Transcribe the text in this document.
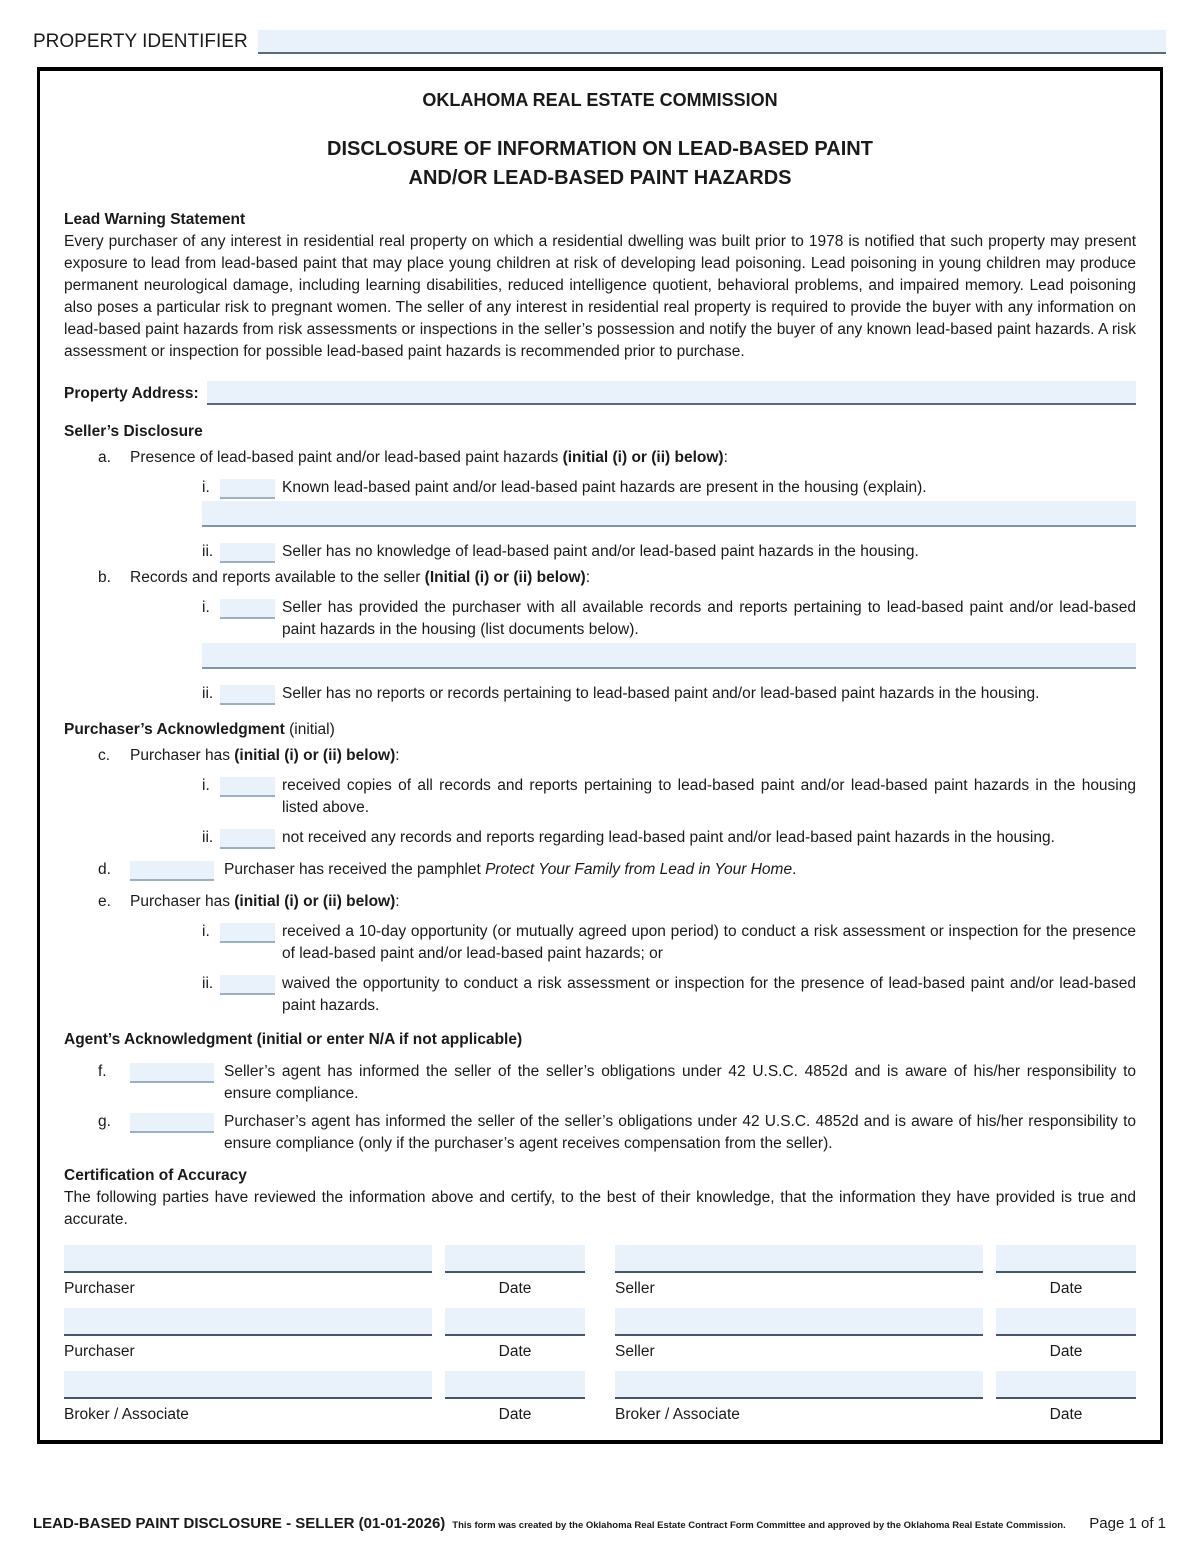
PROPERTY IDENTIFIER
OKLAHOMA REAL ESTATE COMMISSION
DISCLOSURE OF INFORMATION ON LEAD-BASED PAINT
AND/OR LEAD-BASED PAINT HAZARDS
Lead Warning Statement
Every purchaser of any interest in residential real property on which a residential dwelling was built prior to 1978 is notified that such property may present exposure to lead from lead-based paint that may place young children at risk of developing lead poisoning. Lead poisoning in young children may produce permanent neurological damage, including learning disabilities, reduced intelligence quotient, behavioral problems, and impaired memory. Lead poisoning also poses a particular risk to pregnant women. The seller of any interest in residential real property is required to provide the buyer with any information on lead-based paint hazards from risk assessments or inspections in the seller’s possession and notify the buyer of any known lead-based paint hazards. A risk assessment or inspection for possible lead-based paint hazards is recommended prior to purchase.
Property Address:
Seller’s Disclosure
a.	Presence of lead-based paint and/or lead-based paint hazards (initial (i) or (ii) below):
i.	Known lead-based paint and/or lead-based paint hazards are present in the housing (explain).
ii.	Seller has no knowledge of lead-based paint and/or lead-based paint hazards in the housing.
b.	Records and reports available to the seller (Initial (i) or (ii) below):
i.	Seller has provided the purchaser with all available records and reports pertaining to lead-based paint and/or lead-based paint hazards in the housing (list documents below).
ii.	Seller has no reports or records pertaining to lead-based paint and/or lead-based paint hazards in the housing.
Purchaser’s Acknowledgment (initial)
c.	Purchaser has (initial (i) or (ii) below):
i.	received copies of all records and reports pertaining to lead-based paint and/or lead-based paint hazards in the housing listed above.
ii.	not received any records and reports regarding lead-based paint and/or lead-based paint hazards in the housing.
d.	Purchaser has received the pamphlet Protect Your Family from Lead in Your Home.
e.	Purchaser has (initial (i) or (ii) below):
i.	received a 10-day opportunity (or mutually agreed upon period) to conduct a risk assessment or inspection for the presence of lead-based paint and/or lead-based paint hazards; or
ii.	waived the opportunity to conduct a risk assessment or inspection for the presence of lead-based paint and/or lead-based paint hazards.
Agent’s Acknowledgment (initial or enter N/A if not applicable)
f.	Seller’s agent has informed the seller of the seller’s obligations under 42 U.S.C. 4852d and is aware of his/her responsibility to ensure compliance.
g.	Purchaser’s agent has informed the seller of the seller’s obligations under 42 U.S.C. 4852d and is aware of his/her responsibility to ensure compliance (only if the purchaser’s agent receives compensation from the seller).
Certification of Accuracy
The following parties have reviewed the information above and certify, to the best of their knowledge, that the information they have provided is true and accurate.
Purchaser	Date	Seller	Date
Purchaser	Date	Seller	Date
Broker / Associate	Date	Broker / Associate	Date
LEAD-BASED PAINT DISCLOSURE - SELLER (01-01-2026) This form was created by the Oklahoma Real Estate Contract Form Committee and approved by the Oklahoma Real Estate Commission. Page 1 of 1
